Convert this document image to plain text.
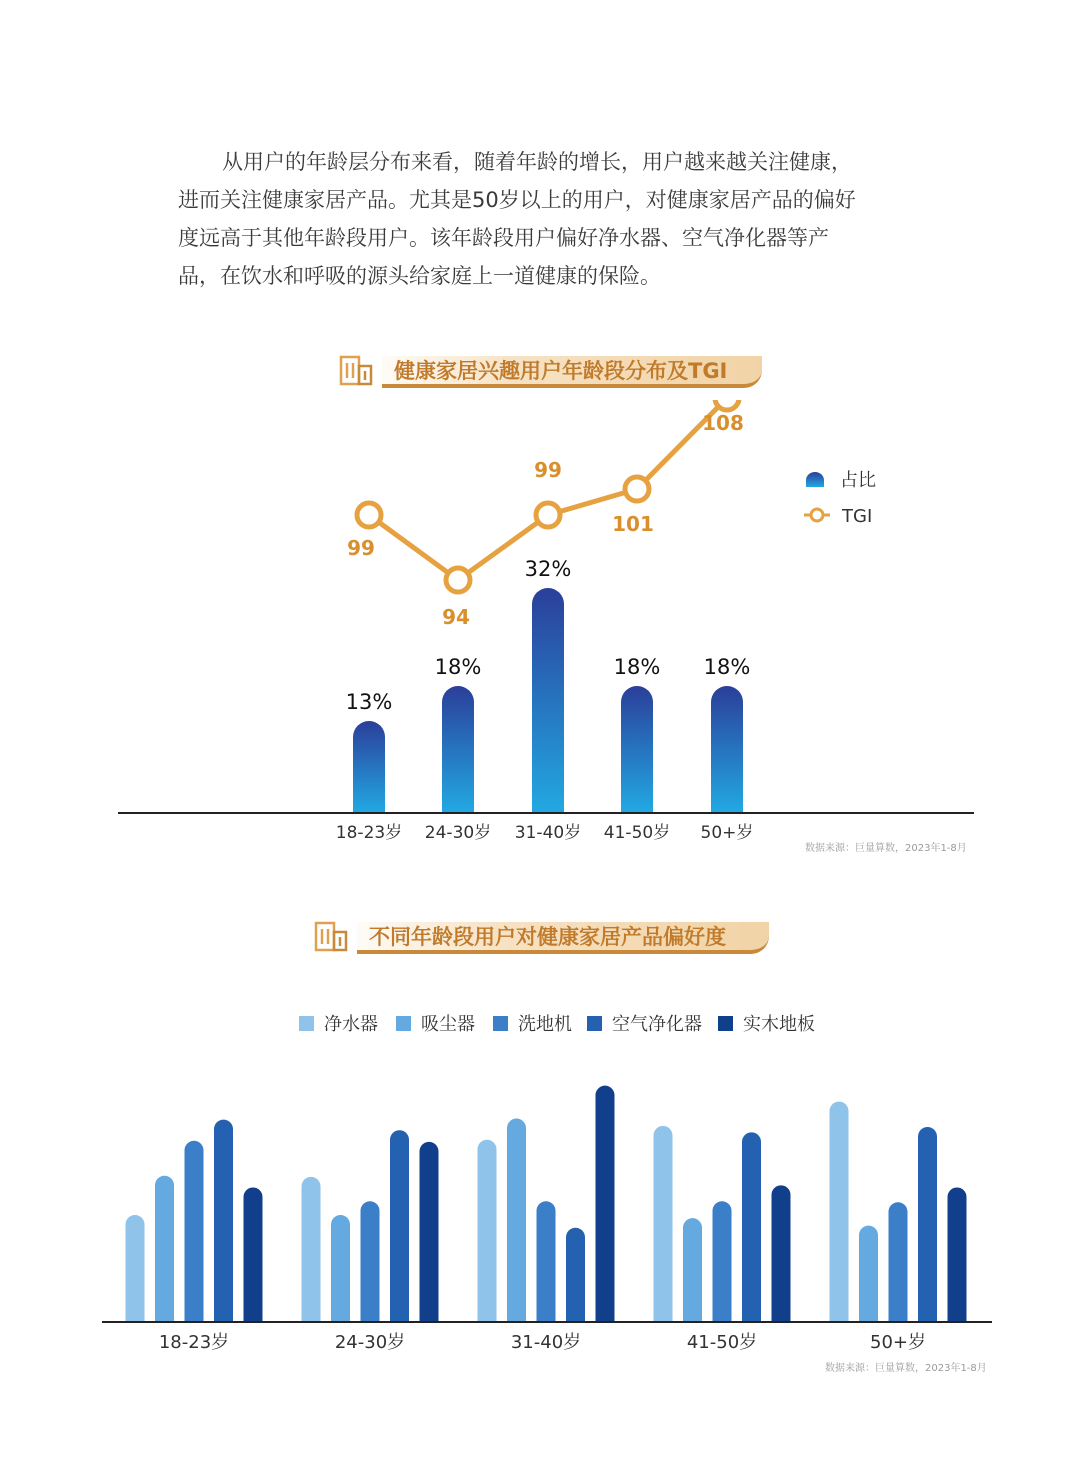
从用户的年龄层分布来看，随着年龄的增长，用户越来越关注健康，
进而关注健康家居产品。尤其是50岁以上的用户，对健康家居产品的偏好
度远高于其他年龄段用户。该年龄段用户偏好净水器、空气净化器等产
品，在饮水和呼吸的源头给家庭上一道健康的保险。

健康家居兴趣用户年龄段分布及TGI
13%
18%
32%
18% 18%
99
94
99
101
108
18-23岁 24-30岁 31-40岁 41-50岁 50+岁
占比
TGI
数据来源：巨量算数，2023年1-8月
不同年龄段用户对健康家居产品偏好度
净水器 吸尘器 洗地机 空气净化器 实木地板
18-23岁	24-30岁	31-40岁	41-50岁	50+岁
数据来源：巨量算数，2023年1-8月
